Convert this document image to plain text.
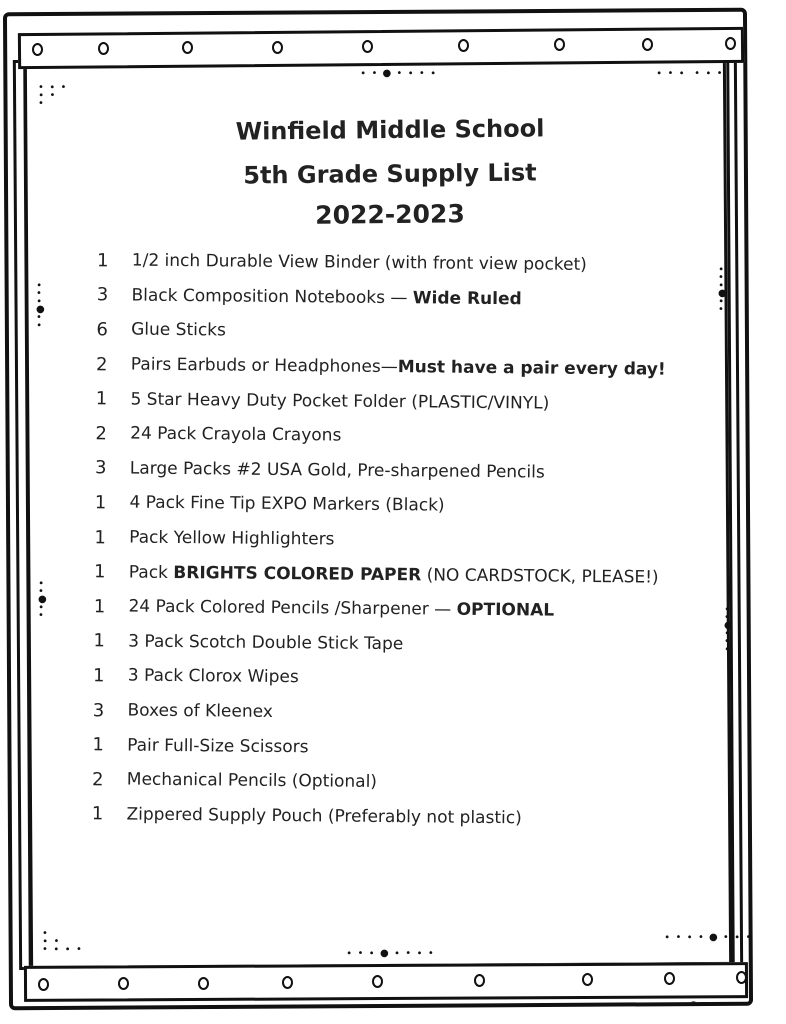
• ∙ •
∙ •
•
∙ • ● • ∙ • ∙	∙ • ∙  • ∙ •
∙
•
∙
●
•
∙
∙
•
∙
●
∙
•
∙
•
●
∙
•
∙
•
●
∙
•
∙
•
∙ •
• ∙ ∙ •	∙ • ∙ ● ∙ • ∙ •
∙ • ∙ • ● • ∙ •
Winfield Middle School
5th Grade Supply List
2022-2023
1	1/2 inch Durable View Binder (with front view pocket)
3	Black Composition Notebooks — Wide Ruled
6	Glue Sticks
2	Pairs Earbuds or Headphones—Must have a pair every day!
1	5 Star Heavy Duty Pocket Folder (PLASTIC/VINYL)
2	24 Pack Crayola Crayons
3	Large Packs #2 USA Gold, Pre-sharpened Pencils
1	4 Pack Fine Tip EXPO Markers (Black)
1	Pack Yellow Highlighters
1	Pack BRIGHTS COLORED PAPER (NO CARDSTOCK, PLEASE!)
1	24 Pack Colored Pencils /Sharpener — OPTIONAL
1	3 Pack Scotch Double Stick Tape
1	3 Pack Clorox Wipes
3	Boxes of Kleenex
1	Pair Full-Size Scissors
2	Mechanical Pencils (Optional)
1	Zippered Supply Pouch (Preferably not plastic)
© rcm
